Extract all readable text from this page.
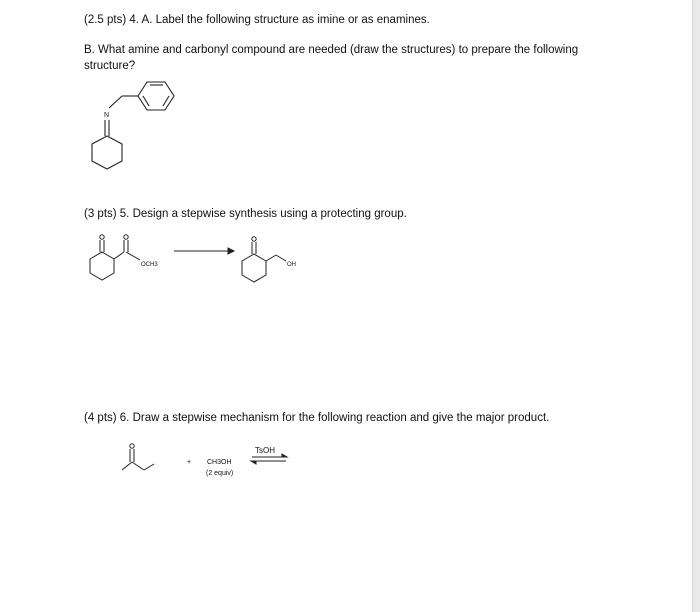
(2.5 pts) 4. A. Label the following structure as imine or as enamines.
B. What amine and carbonyl compound are needed (draw the structures) to prepare the following
structure?
N
(3 pts) 5. Design a stepwise synthesis using a protecting group.
OCH3	OH
(4 pts) 6. Draw a stepwise mechanism for the following reaction and give the major product.
+ CH3OH
(2 equiv)
TsOH
